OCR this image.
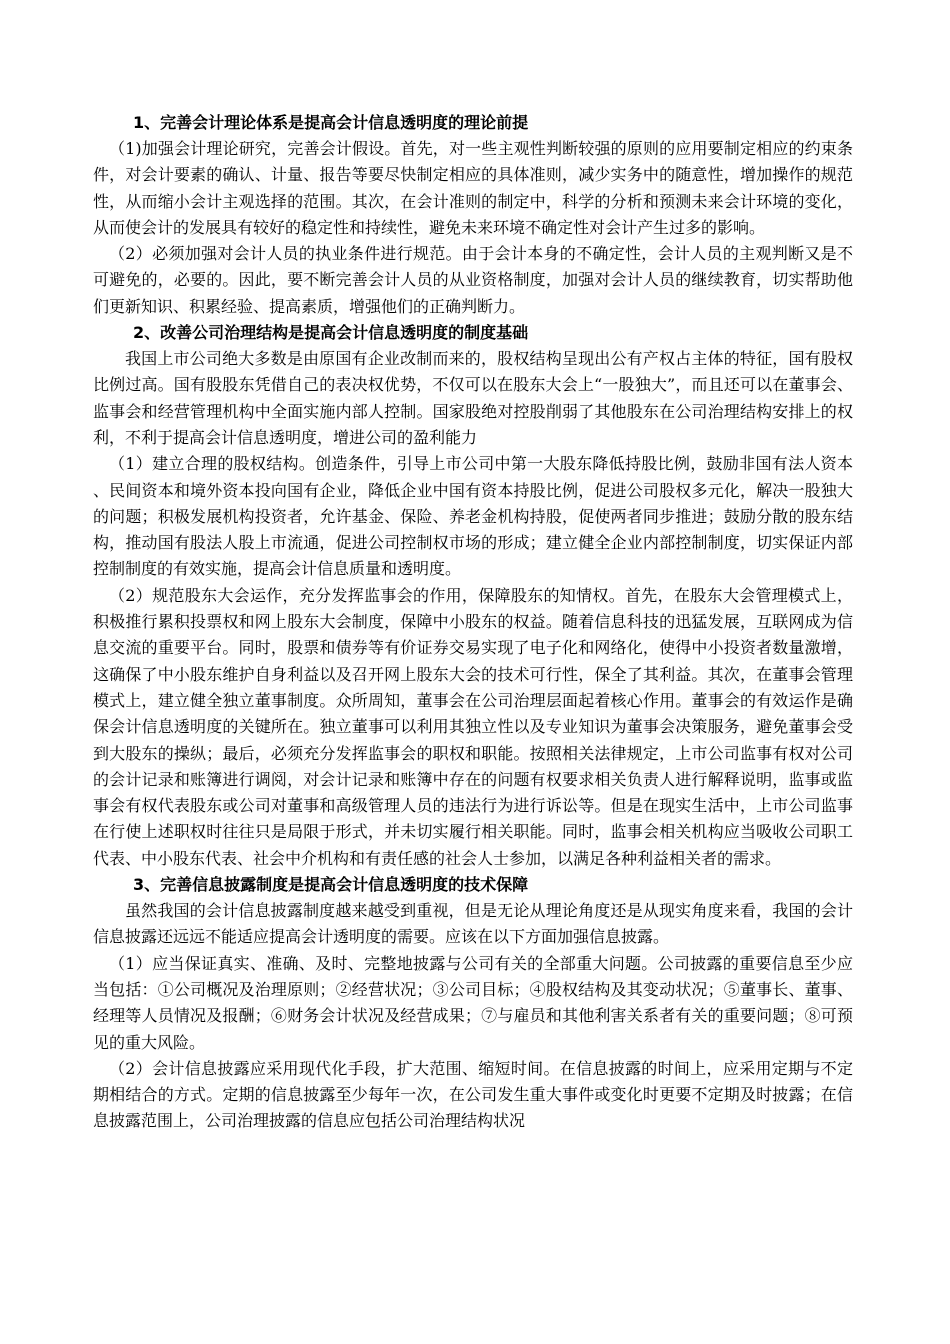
1、完善会计理论体系是提高会计信息透明度的理论前提

（1)加强会计理论研究，完善会计假设。首先，对一些主观性判断较强的原则的应用要制定相应的约束条件，对会计要素的确认、计量、报告等要尽快制定相应的具体准则，减少实务中的随意性，增加操作的规范性，从而缩小会计主观选择的范围。其次，在会计准则的制定中，科学的分析和预测未来会计环境的变化，从而使会计的发展具有较好的稳定性和持续性，避免未来环境不确定性对会计产生过多的影响。

（2）必须加强对会计人员的执业条件进行规范。由于会计本身的不确定性，会计人员的主观判断又是不可避免的，必要的。因此，要不断完善会计人员的从业资格制度，加强对会计人员的继续教育，切实帮助他们更新知识、积累经验、提高素质，增强他们的正确判断力。

2、改善公司治理结构是提高会计信息透明度的制度基础

我国上市公司绝大多数是由原国有企业改制而来的，股权结构呈现出公有产权占主体的特征，国有股权比例过高。国有股股东凭借自己的表决权优势，不仅可以在股东大会上“一股独大”，而且还可以在董事会、监事会和经营管理机构中全面实施内部人控制。国家股绝对控股削弱了其他股东在公司治理结构安排上的权利，不利于提高会计信息透明度，增进公司的盈利能力

（1）建立合理的股权结构。创造条件，引导上市公司中第一大股东降低持股比例，鼓励非国有法人资本、民间资本和境外资本投向国有企业，降低企业中国有资本持股比例，促进公司股权多元化，解决一股独大的问题；积极发展机构投资者，允许基金、保险、养老金机构持股，促使两者同步推进；鼓励分散的股东结构，推动国有股法人股上市流通，促进公司控制权市场的形成；建立健全企业内部控制制度，切实保证内部控制制度的有效实施，提高会计信息质量和透明度。

（2）规范股东大会运作，充分发挥监事会的作用，保障股东的知情权。首先，在股东大会管理模式上，积极推行累积投票权和网上股东大会制度，保障中小股东的权益。随着信息科技的迅猛发展，互联网成为信息交流的重要平台。同时，股票和债券等有价证券交易实现了电子化和网络化，使得中小投资者数量激增，这确保了中小股东维护自身利益以及召开网上股东大会的技术可行性，保全了其利益。其次，在董事会管理模式上，建立健全独立董事制度。众所周知，董事会在公司治理层面起着核心作用。董事会的有效运作是确保会计信息透明度的关键所在。独立董事可以利用其独立性以及专业知识为董事会决策服务，避免董事会受到大股东的操纵；最后，必须充分发挥监事会的职权和职能。按照相关法律规定，上市公司监事有权对公司的会计记录和账簿进行调阅，对会计记录和账簿中存在的问题有权要求相关负责人进行解释说明，监事或监事会有权代表股东或公司对董事和高级管理人员的违法行为进行诉讼等。但是在现实生活中，上市公司监事在行使上述职权时往往只是局限于形式，并未切实履行相关职能。同时，监事会相关机构应当吸收公司职工代表、中小股东代表、社会中介机构和有责任感的社会人士参加，以满足各种利益相关者的需求。

3、完善信息披露制度是提高会计信息透明度的技术保障

虽然我国的会计信息披露制度越来越受到重视，但是无论从理论角度还是从现实角度来看，我国的会计信息披露还远远不能适应提高会计透明度的需要。应该在以下方面加强信息披露。

（1）应当保证真实、准确、及时、完整地披露与公司有关的全部重大问题。公司披露的重要信息至少应当包括：①公司概况及治理原则；②经营状况；③公司目标；④股权结构及其变动状况；⑤董事长、董事、经理等人员情况及报酬；⑥财务会计状况及经营成果；⑦与雇员和其他利害关系者有关的重要问题；⑧可预见的重大风险。

（2）会计信息披露应采用现代化手段，扩大范围、缩短时间。在信息披露的时间上，应采用定期与不定期相结合的方式。定期的信息披露至少每年一次，在公司发生重大事件或变化时更要不定期及时披露；在信息披露范围上，公司治理披露的信息应包括公司治理结构状况
